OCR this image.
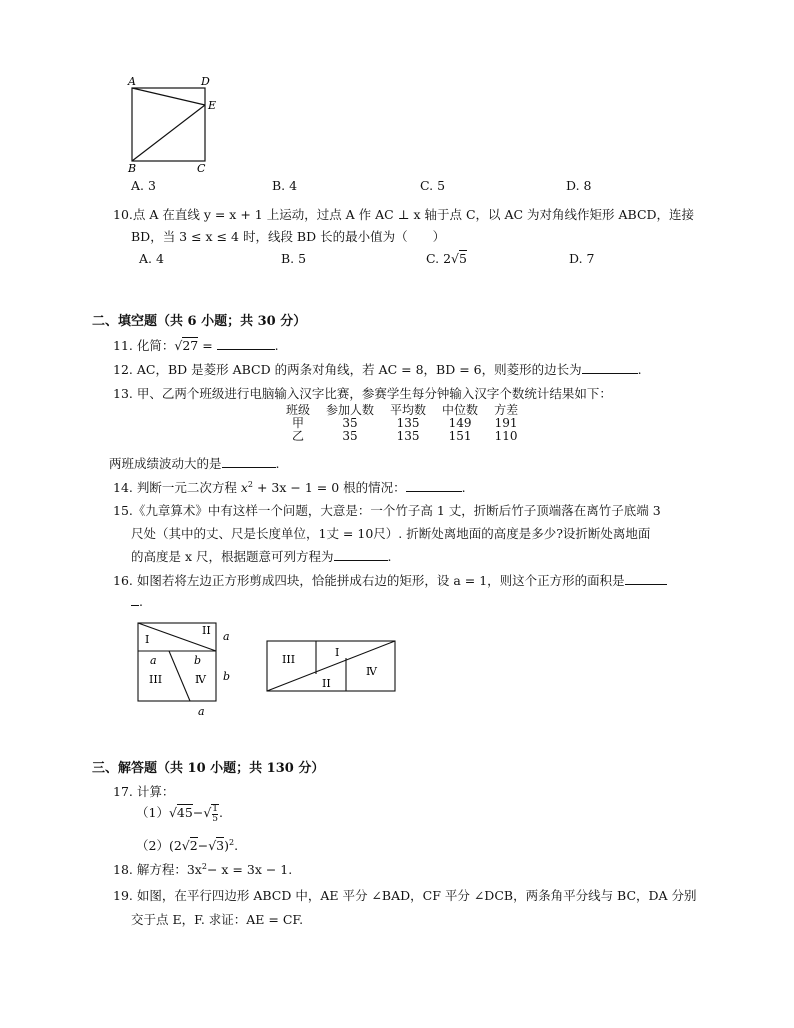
A	D
E
B	C
A. 3	B. 4	C. 5	D. 8
10.点 A 在直线 y = x + 1 上运动，过点 A 作 AC ⊥ x 轴于点 C，以 AC 为对角线作矩形 ABCD，连接
BD，当 3 ≤ x ≤ 4 时，线段 BD 长的最小值为（　　）
A. 4	B. 5	C. 2√5	D. 7
二、填空题（共 6 小题；共 30 分）
11. 化简：√27 =	.
12. AC，BD 是菱形 ABCD 的两条对角线，若 AC = 8，BD = 6，则菱形的边长为	.
13. 甲、乙两个班级进行电脑输入汉字比赛，参赛学生每分钟输入汉字个数统计结果如下：
班级	参加人数	平均数	中位数	方差
甲	35	135	149	191
乙	35	135	151	110
两班成绩波动大的是	.
14. 判断一元二次方程 $x^2 + 3x - 1 = 0$ 根的情况：	.
15.《九章算术》中有这样一个问题，大意是：一个竹子高 1 丈，折断后竹子顶端落在离竹子底端 3
尺处（其中的丈、尺是长度单位，1丈 = 10尺）. 折断处离地面的高度是多少?设折断处离地面
的高度是 x 尺，根据题意可列方程为	.
16. 如图若将左边正方形剪成四块，恰能拼成右边的矩形，设 a = 1，则这个正方形的面积是
.
I
II
III	Ⅳ
a	b
a
b
a
III
I
II
Ⅳ
三、解答题（共 10 小题；共 130 分）
17. 计算：
$(1)√45-√ \frac{1}{5}$ .
$(2)(2√2-√3)^2$.
18. 解方程：$3x^2- x = 3x - 1$.
19. 如图，在平行四边形 ABCD 中，AE 平分 ∠BAD，CF 平分 ∠DCB，两条角平分线与 BC，DA 分别
交于点 E，F. 求证：AE = CF.
